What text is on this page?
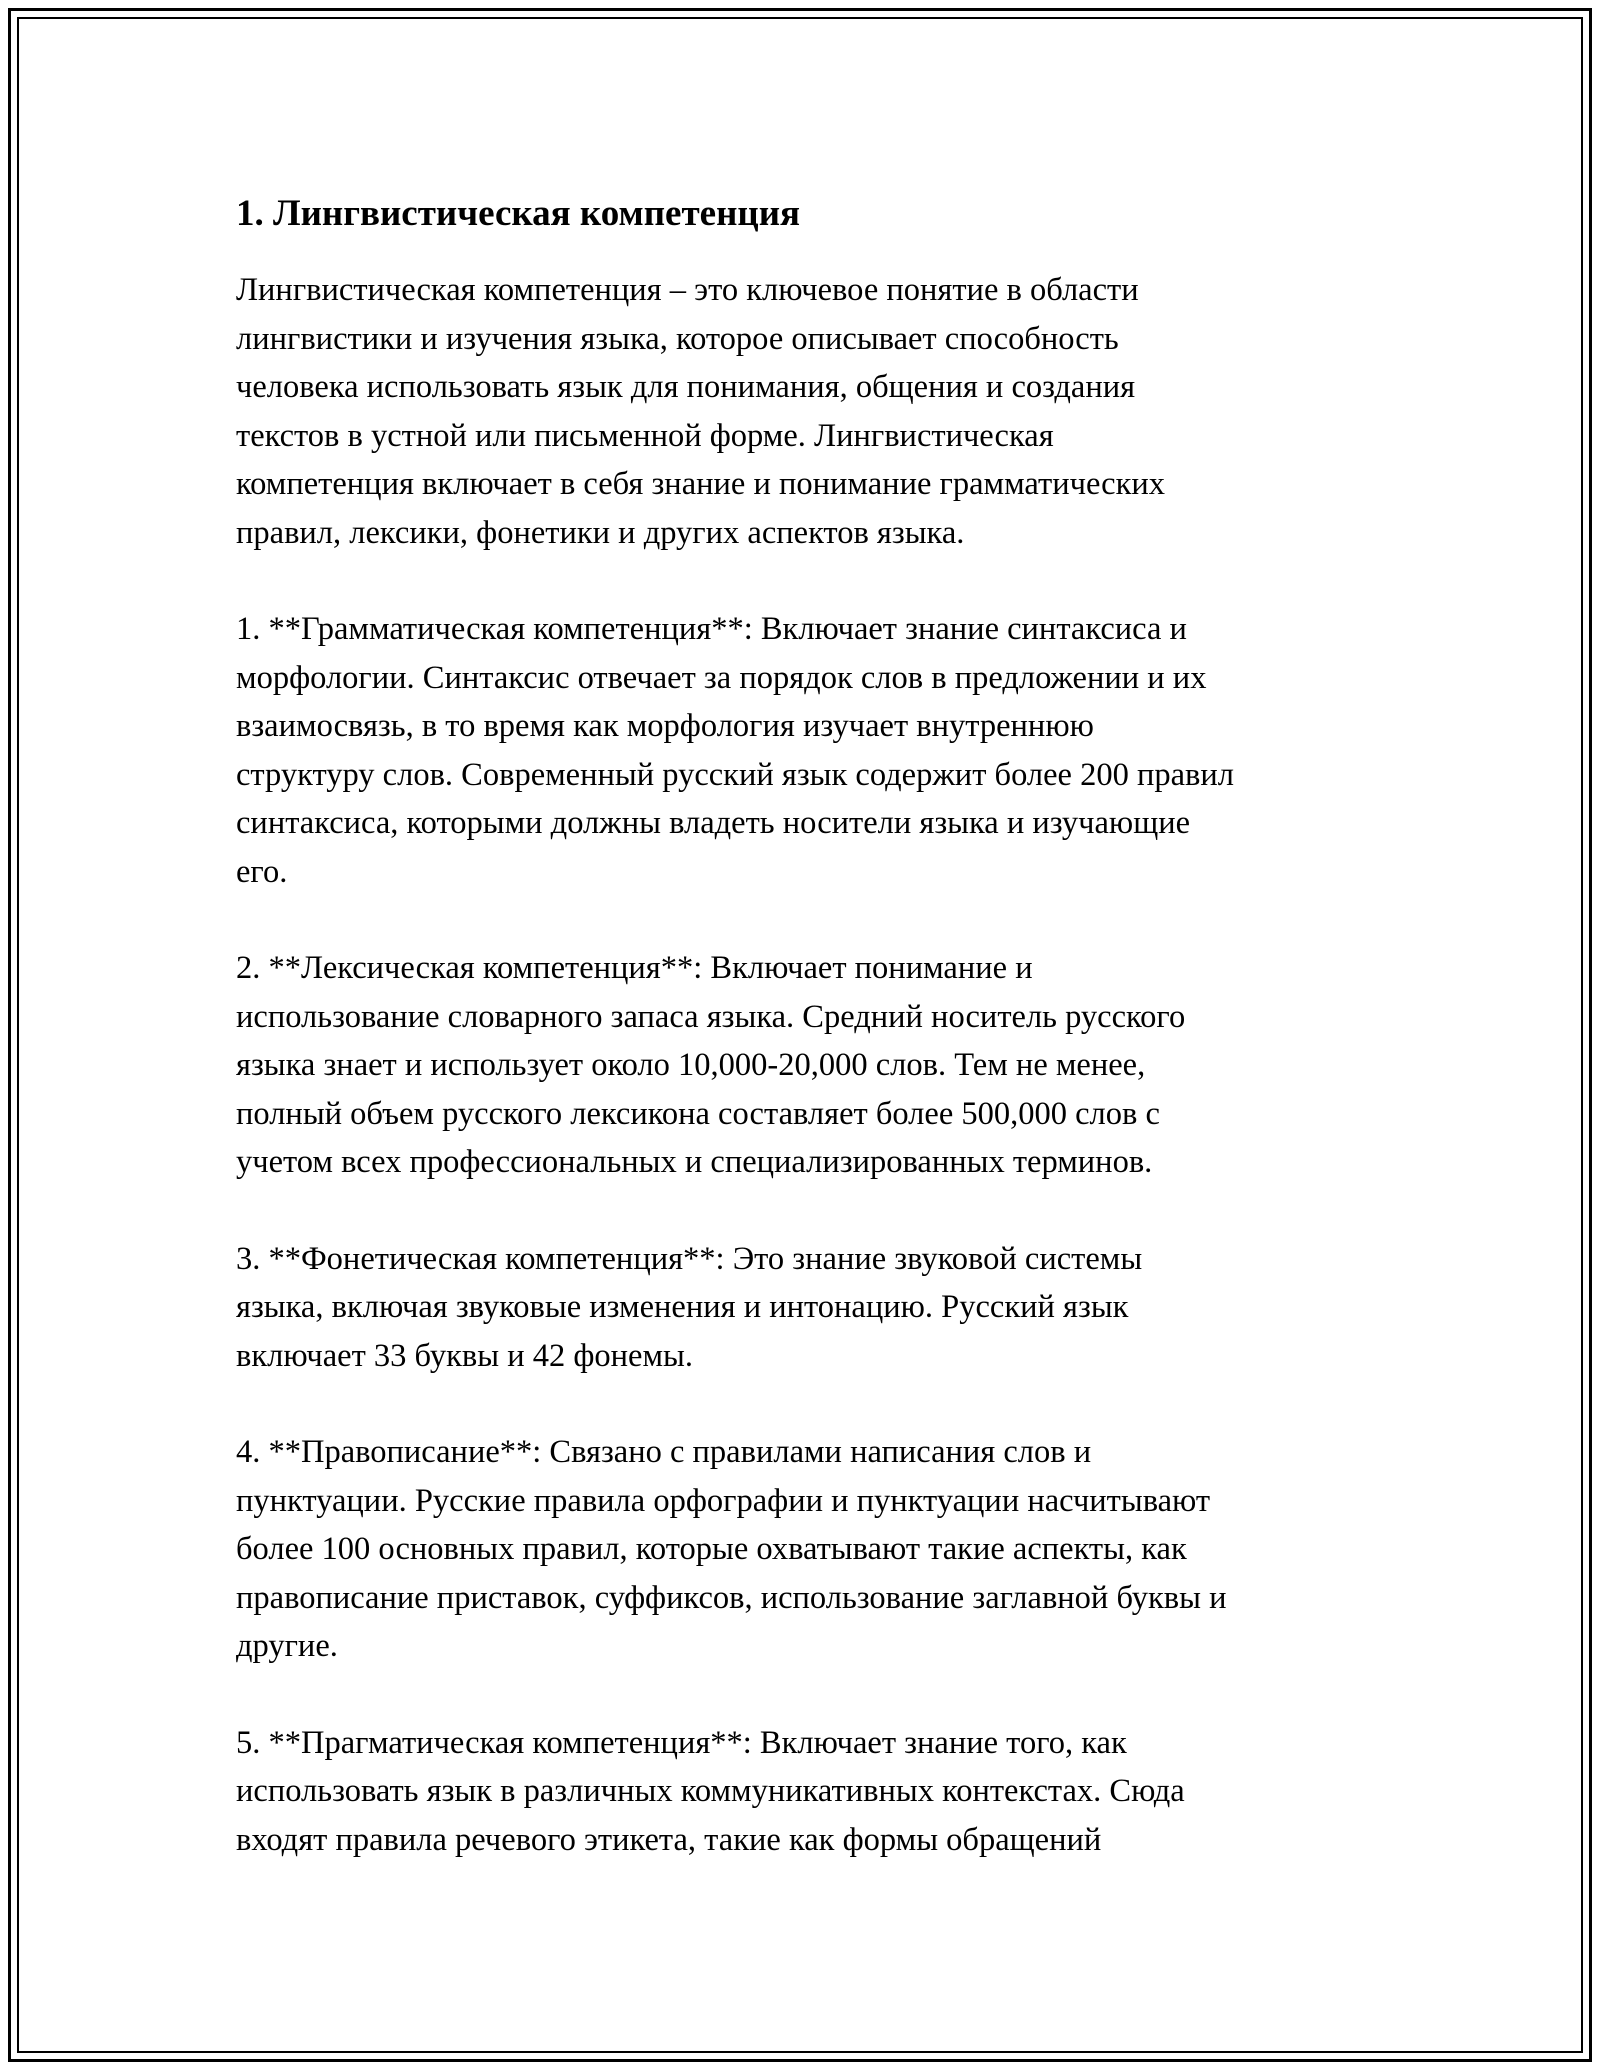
1. Лингвистическая компетенция

Лингвистическая компетенция – это ключевое понятие в области
лингвистики и изучения языка, которое описывает способность
человека использовать язык для понимания, общения и создания
текстов в устной или письменной форме. Лингвистическая
компетенция включает в себя знание и понимание грамматических
правил, лексики, фонетики и других аспектов языка.

1. **Грамматическая компетенция**: Включает знание синтаксиса и
морфологии. Синтаксис отвечает за порядок слов в предложении и их
взаимосвязь, в то время как морфология изучает внутреннюю
структуру слов. Современный русский язык содержит более 200 правил
синтаксиса, которыми должны владеть носители языка и изучающие
его.

2. **Лексическая компетенция**: Включает понимание и
использование словарного запаса языка. Средний носитель русского
языка знает и использует около 10,000-20,000 слов. Тем не менее,
полный объем русского лексикона составляет более 500,000 слов с
учетом всех профессиональных и специализированных терминов.

3. **Фонетическая компетенция**: Это знание звуковой системы
языка, включая звуковые изменения и интонацию. Русский язык
включает 33 буквы и 42 фонемы.

4. **Правописание**: Связано с правилами написания слов и
пунктуации. Русские правила орфографии и пунктуации насчитывают
более 100 основных правил, которые охватывают такие аспекты, как
правописание приставок, суффиксов, использование заглавной буквы и
другие.

5. **Прагматическая компетенция**: Включает знание того, как
использовать язык в различных коммуникативных контекстах. Сюда
входят правила речевого этикета, такие как формы обращений
